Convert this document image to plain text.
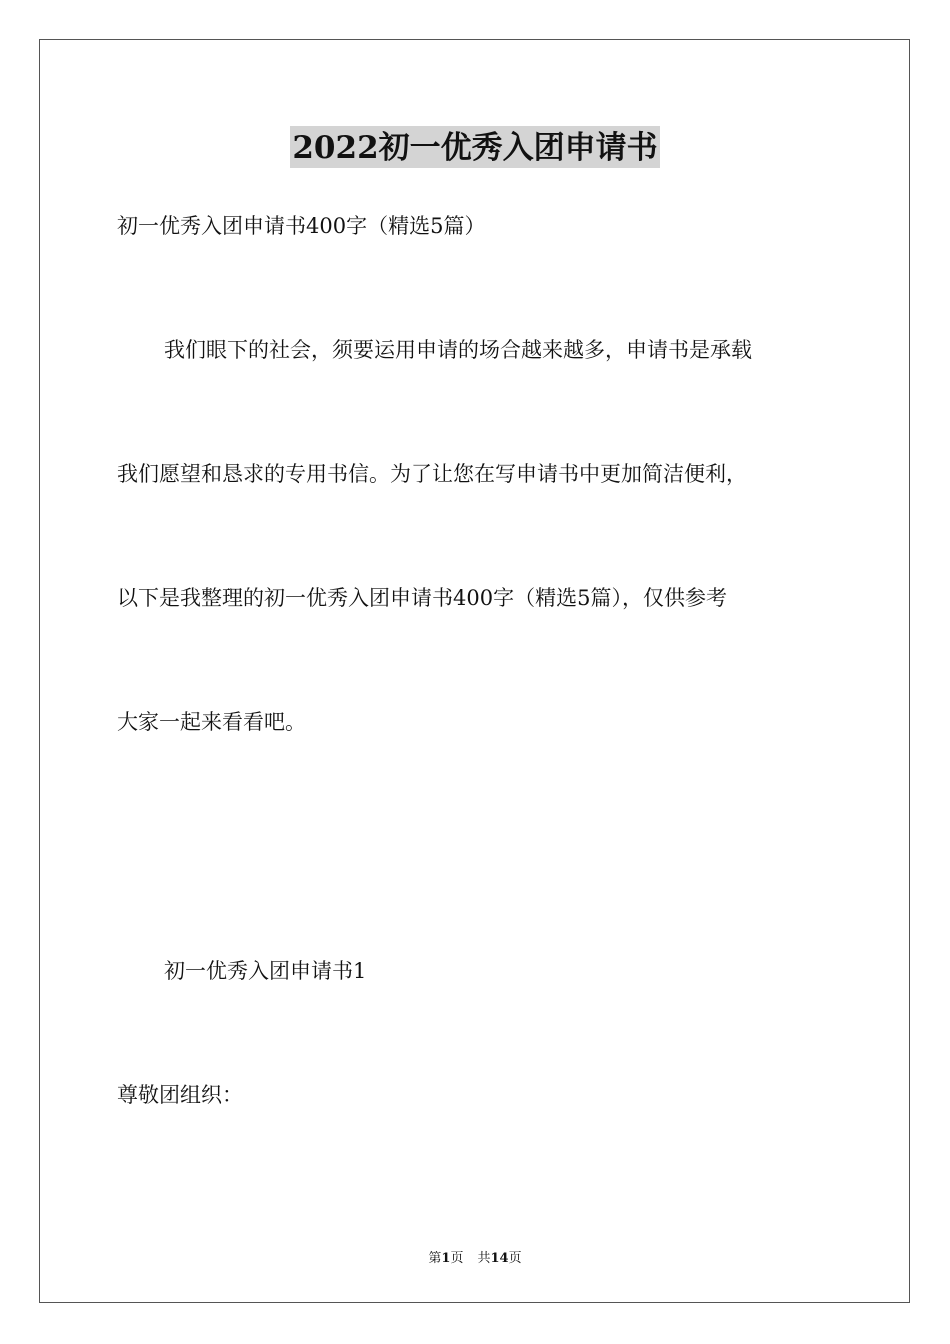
2022初一优秀入团申请书
初一优秀入团申请书400字（精选5篇）
我们眼下的社会，须要运用申请的场合越来越多，申请书是承载
我们愿望和恳求的专用书信。为了让您在写申请书中更加简洁便利，
以下是我整理的初一优秀入团申请书400字（精选5篇），仅供参考
大家一起来看看吧。
初一优秀入团申请书1
尊敬团组织：
第1页 共14页
